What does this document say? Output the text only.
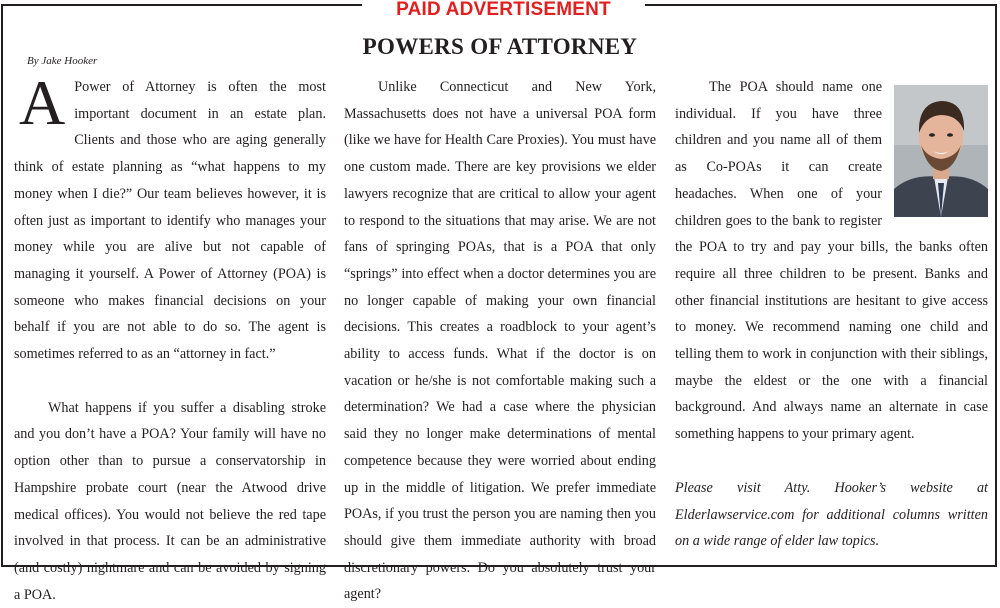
PAID ADVERTISEMENT
POWERS OF ATTORNEY
By Jake Hooker

A Power of Attorney is often the most important document in an estate plan. Clients and those who are aging generally think of estate planning as “what happens to my money when I die?” Our team believes however, it is often just as important to identify who manages your money while you are alive but not capable of managing it yourself. A Power of Attorney (POA) is someone who makes financial decisions on your behalf if you are not able to do so. The agent is sometimes referred to as an “attorney in fact.”

What happens if you suffer a disabling stroke and you don’t have a POA? Your family will have no option other than to pursue a conservatorship in Hampshire probate court (near the Atwood drive medical offices). You would not believe the red tape involved in that process. It can be an administrative (and costly) nightmare and can be avoided by signing a POA.

Unlike Connecticut and New York, Massachusetts does not have a universal POA form (like we have for Health Care Proxies). You must have one custom made. There are key provisions we elder lawyers recognize that are critical to allow your agent to respond to the situations that may arise. We are not fans of springing POAs, that is a POA that only “springs” into effect when a doctor determines you are no longer capable of making your own financial decisions. This creates a roadblock to your agent’s ability to access funds. What if the doctor is on vacation or he/she is not comfortable making such a determination? We had a case where the physician said they no longer make determinations of mental competence because they were worried about ending up in the middle of litigation. We prefer immediate POAs, if you trust the person you are naming then you should give them immediate authority with broad discretionary powers. Do you absolutely trust your agent?

The POA should name one individual. If you have three children and you name all of them as Co-POAs it can create headaches. When one of your children goes to the bank to register the POA to try and pay your bills, the banks often require all three children to be present. Banks and other financial institutions are hesitant to give access to money. We recommend naming one child and telling them to work in conjunction with their siblings, maybe the eldest or the one with a financial background. And always name an alternate in case something happens to your primary agent.

Please visit Atty. Hooker’s website at Elderlawservice.com for additional columns written on a wide range of elder law topics.
